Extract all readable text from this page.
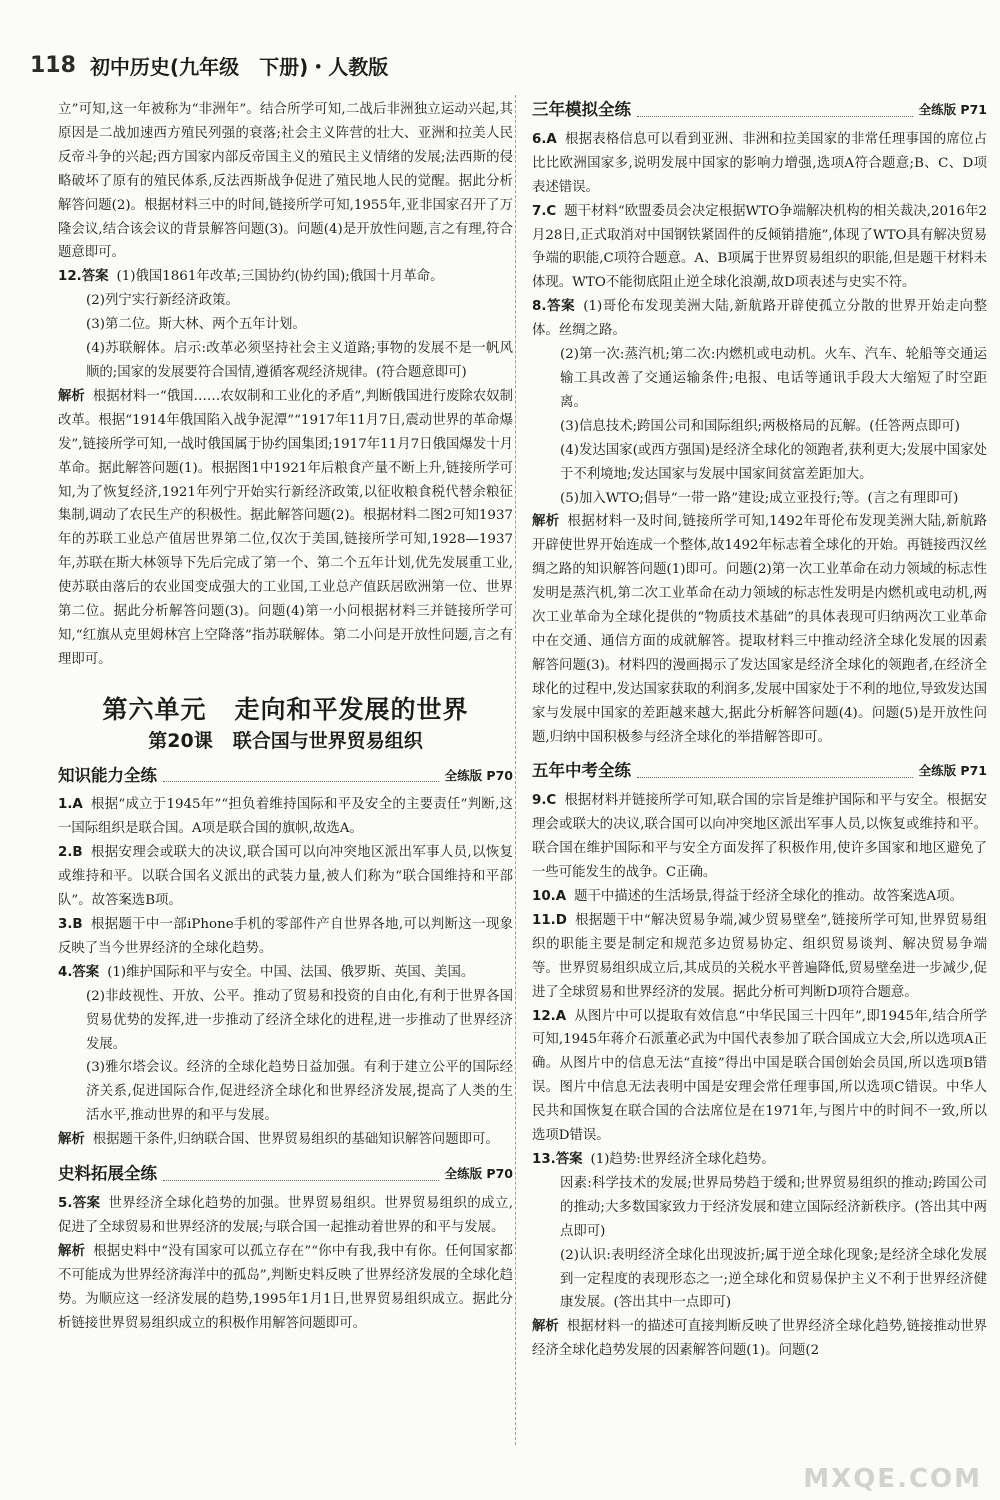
118 初中历史(九年级　下册)・人教版

立”可知,这一年被称为“非洲年”。结合所学可知,二战后非洲独立运动兴起,其原因是二战加速西方殖民列强的衰落;社会主义阵营的壮大、亚洲和拉美人民反帝斗争的兴起;西方国家内部反帝国主义的殖民主义情绪的发展;法西斯的侵略破坏了原有的殖民体系,反法西斯战争促进了殖民地人民的觉醒。据此分析解答问题(2)。根据材料三中的时间,链接所学可知,1955年,亚非国家召开了万隆会议,结合该会议的背景解答问题(3)。问题(4)是开放性问题,言之有理,符合题意即可。

12.答案 (1)俄国1861年改革;三国协约(协约国);俄国十月革命。

(2)列宁实行新经济政策。

(3)第二位。斯大林、两个五年计划。

(4)苏联解体。启示:改革必须坚持社会主义道路;事物的发展不是一帆风顺的;国家的发展要符合国情,遵循客观经济规律。(符合题意即可)

解析 根据材料一“俄国……农奴制和工业化的矛盾”,判断俄国进行废除农奴制改革。根据“1914年俄国陷入战争泥潭”“1917年11月7日,震动世界的革命爆发”,链接所学可知,一战时俄国属于协约国集团;1917年11月7日俄国爆发十月革命。据此解答问题(1)。根据图1中1921年后粮食产量不断上升,链接所学可知,为了恢复经济,1921年列宁开始实行新经济政策,以征收粮食税代替余粮征集制,调动了农民生产的积极性。据此解答问题(2)。根据材料二图2可知1937年的苏联工业总产值居世界第二位,仅次于美国,链接所学可知,1928—1937年,苏联在斯大林领导下先后完成了第一个、第二个五年计划,优先发展重工业,使苏联由落后的农业国变成强大的工业国,工业总产值跃居欧洲第一位、世界第二位。据此分析解答问题(3)。问题(4)第一小问根据材料三并链接所学可知,“红旗从克里姆林宫上空降落”指苏联解体。第二小问是开放性问题,言之有理即可。

第六单元 走向和平发展的世界
第20课 联合国与世界贸易组织
知识能力全练	全练版 P70

1.A 根据“成立于1945年”“担负着维持国际和平及安全的主要责任”判断,这一国际组织是联合国。A项是联合国的旗帜,故选A。

2.B 根据安理会或联大的决议,联合国可以向冲突地区派出军事人员,以恢复或维持和平。以联合国名义派出的武装力量,被人们称为“联合国维持和平部队”。故答案选B项。

3.B 根据题干中一部iPhone手机的零部件产自世界各地,可以判断这一现象反映了当今世界经济的全球化趋势。

4.答案 (1)维护国际和平与安全。中国、法国、俄罗斯、英国、美国。

(2)非歧视性、开放、公平。推动了贸易和投资的自由化,有利于世界各国贸易优势的发挥,进一步推动了经济全球化的进程,进一步推动了世界经济发展。

(3)雅尔塔会议。经济的全球化趋势日益加强。有利于建立公平的国际经济关系,促进国际合作,促进经济全球化和世界经济发展,提高了人类的生活水平,推动世界的和平与发展。

解析 根据题干条件,归纳联合国、世界贸易组织的基础知识解答问题即可。

史料拓展全练	全练版 P70

5.答案 世界经济全球化趋势的加强。世界贸易组织。世界贸易组织的成立,促进了全球贸易和世界经济的发展;与联合国一起推动着世界的和平与发展。

解析 根据史料中“没有国家可以孤立存在”“你中有我,我中有你。任何国家都不可能成为世界经济海洋中的孤岛”,判断史料反映了世界经济发展的全球化趋势。为顺应这一经济发展的趋势,1995年1月1日,世界贸易组织成立。据此分析链接世界贸易组织成立的积极作用解答问题即可。

三年模拟全练	全练版 P71

6.A 根据表格信息可以看到亚洲、非洲和拉美国家的非常任理事国的席位占比比欧洲国家多,说明发展中国家的影响力增强,选项A符合题意;B、C、D项表述错误。

7.C 题干材料“欧盟委员会决定根据WTO争端解决机构的相关裁决,2016年2月28日,正式取消对中国钢铁紧固件的反倾销措施”,体现了WTO具有解决贸易争端的职能,C项符合题意。A、B项属于世界贸易组织的职能,但是题干材料未体现。WTO不能彻底阻止逆全球化浪潮,故D项表述与史实不符。

8.答案 (1)哥伦布发现美洲大陆,新航路开辟使孤立分散的世界开始走向整体。丝绸之路。

(2)第一次:蒸汽机;第二次:内燃机或电动机。火车、汽车、轮船等交通运输工具改善了交通运输条件;电报、电话等通讯手段大大缩短了时空距离。

(3)信息技术;跨国公司和国际组织;两极格局的瓦解。(任答两点即可)

(4)发达国家(或西方强国)是经济全球化的领跑者,获利更大;发展中国家处于不利境地;发达国家与发展中国家间贫富差距加大。

(5)加入WTO;倡导“一带一路”建设;成立亚投行;等。(言之有理即可)

解析 根据材料一及时间,链接所学可知,1492年哥伦布发现美洲大陆,新航路开辟使世界开始连成一个整体,故1492年标志着全球化的开始。再链接西汉丝绸之路的知识解答问题(1)即可。问题(2)第一次工业革命在动力领域的标志性发明是蒸汽机,第二次工业革命在动力领域的标志性发明是内燃机或电动机,两次工业革命为全球化提供的“物质技术基础”的具体表现可归纳两次工业革命中在交通、通信方面的成就解答。提取材料三中推动经济全球化发展的因素解答问题(3)。材料四的漫画揭示了发达国家是经济全球化的领跑者,在经济全球化的过程中,发达国家获取的利润多,发展中国家处于不利的地位,导致发达国家与发展中国家的差距越来越大,据此分析解答问题(4)。问题(5)是开放性问题,归纳中国积极参与经济全球化的举措解答即可。

五年中考全练	全练版 P71

9.C 根据材料并链接所学可知,联合国的宗旨是维护国际和平与安全。根据安理会或联大的决议,联合国可以向冲突地区派出军事人员,以恢复或维持和平。联合国在维护国际和平与安全方面发挥了积极作用,使许多国家和地区避免了一些可能发生的战争。C正确。

10.A 题干中描述的生活场景,得益于经济全球化的推动。故答案选A项。

11.D 根据题干中“解决贸易争端,减少贸易壁垒”,链接所学可知,世界贸易组织的职能主要是制定和规范多边贸易协定、组织贸易谈判、解决贸易争端等。世界贸易组织成立后,其成员的关税水平普遍降低,贸易壁垒进一步减少,促进了全球贸易和世界经济的发展。据此分析可判断D项符合题意。

12.A 从图片中可以提取有效信息“中华民国三十四年”,即1945年,结合所学可知,1945年蒋介石派董必武为中国代表参加了联合国成立大会,所以选项A正确。从图片中的信息无法“直接”得出中国是联合国创始会员国,所以选项B错误。图片中信息无法表明中国是安理会常任理事国,所以选项C错误。中华人民共和国恢复在联合国的合法席位是在1971年,与图片中的时间不一致,所以选项D错误。

13.答案 (1)趋势:世界经济全球化趋势。

因素:科学技术的发展;世界局势趋于缓和;世界贸易组织的推动;跨国公司的推动;大多数国家致力于经济发展和建立国际经济新秩序。(答出其中两点即可)

(2)认识:表明经济全球化出现波折;属于逆全球化现象;是经济全球化发展到一定程度的表现形态之一;逆全球化和贸易保护主义不利于世界经济健康发展。(答出其中一点即可)

解析 根据材料一的描述可直接判断反映了世界经济全球化趋势,链接推动世界经济全球化趋势发展的因素解答问题(1)。问题(2

MXQE.COM
